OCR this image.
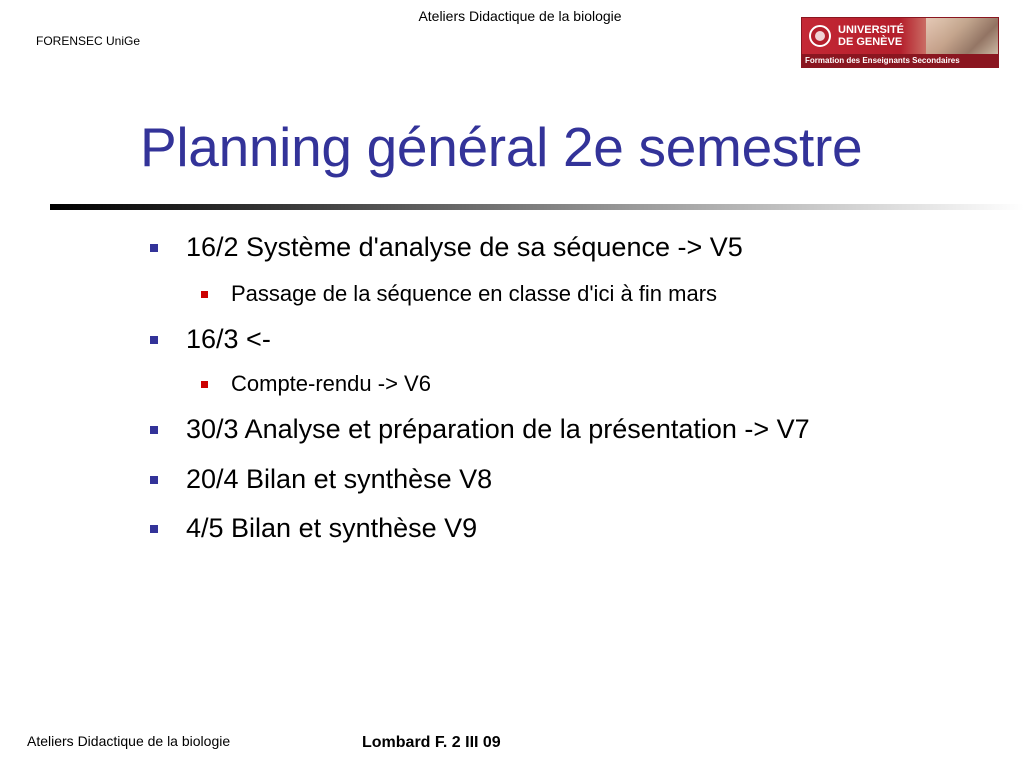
Ateliers Didactique de la biologie
FORENSEC UniGe
UNIVERSITÉ
DE GENÈVE
Formation des Enseignants Secondaires
Planning général 2e semestre
16/2 Système d'analyse de sa séquence -> V5
Passage de la séquence en classe d'ici à fin mars
16/3 <-
Compte-rendu -> V6
30/3 Analyse et préparation de la présentation -> V7
20/4 Bilan et synthèse V8
4/5 Bilan et synthèse V9
Ateliers Didactique de la biologie	Lombard F. 2 III 09
